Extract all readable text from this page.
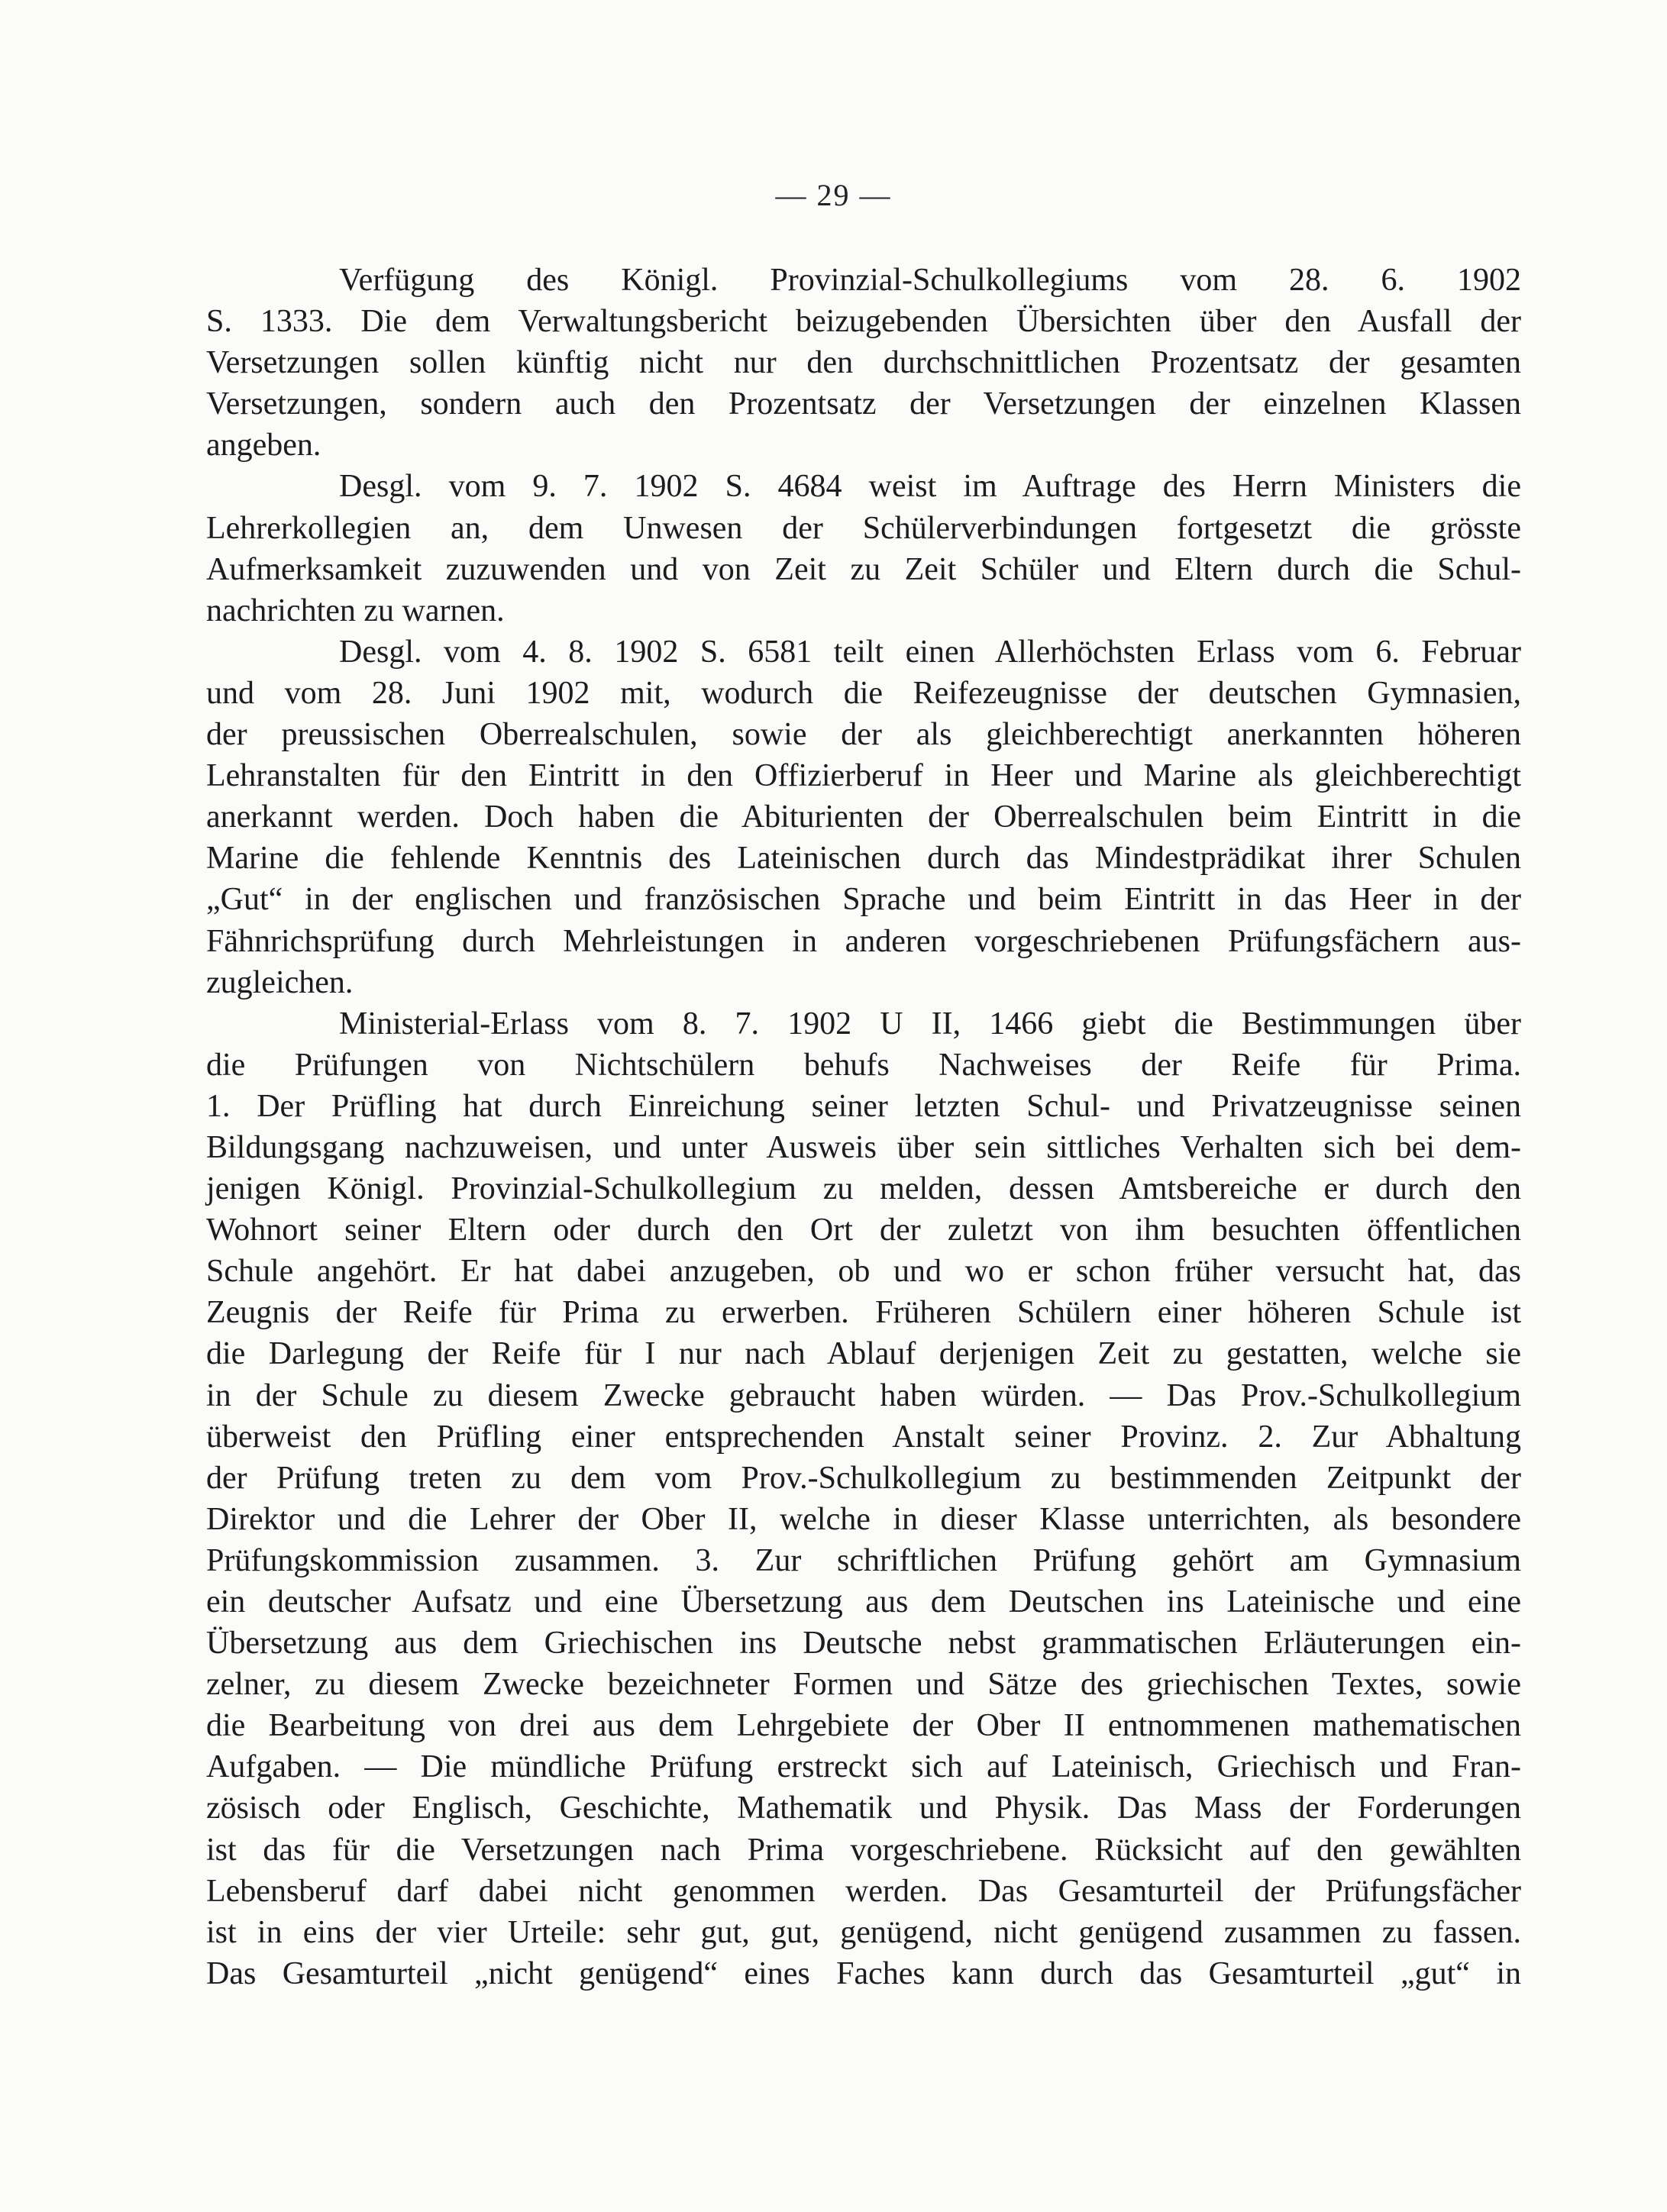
— 29 —
Verfügung des Königl. Provinzial-Schulkollegiums vom 28. 6. 1902
S. 1333. Die dem Verwaltungsbericht beizugebenden Übersichten über den Ausfall der
Versetzungen sollen künftig nicht nur den durchschnittlichen Prozentsatz der gesamten
Versetzungen, sondern auch den Prozentsatz der Versetzungen der einzelnen Klassen
angeben.
Desgl. vom 9. 7. 1902 S. 4684 weist im Auftrage des Herrn Ministers die
Lehrerkollegien an, dem Unwesen der Schülerverbindungen fortgesetzt die grösste
Aufmerksamkeit zuzuwenden und von Zeit zu Zeit Schüler und Eltern durch die Schul-
nachrichten zu warnen.
Desgl. vom 4. 8. 1902 S. 6581 teilt einen Allerhöchsten Erlass vom 6. Februar
und vom 28. Juni 1902 mit, wodurch die Reifezeugnisse der deutschen Gymnasien,
der preussischen Oberrealschulen, sowie der als gleichberechtigt anerkannten höheren
Lehranstalten für den Eintritt in den Offizierberuf in Heer und Marine als gleichberechtigt
anerkannt werden. Doch haben die Abiturienten der Oberrealschulen beim Eintritt in die
Marine die fehlende Kenntnis des Lateinischen durch das Mindestprädikat ihrer Schulen
„Gut“ in der englischen und französischen Sprache und beim Eintritt in das Heer in der
Fähnrichsprüfung durch Mehrleistungen in anderen vorgeschriebenen Prüfungsfächern aus-
zugleichen.
Ministerial-Erlass vom 8. 7. 1902 U II, 1466 giebt die Bestimmungen über
die Prüfungen von Nichtschülern behufs Nachweises der Reife für Prima.
1. Der Prüfling hat durch Einreichung seiner letzten Schul- und Privatzeugnisse seinen
Bildungsgang nachzuweisen, und unter Ausweis über sein sittliches Verhalten sich bei dem-
jenigen Königl. Provinzial-Schulkollegium zu melden, dessen Amtsbereiche er durch den
Wohnort seiner Eltern oder durch den Ort der zuletzt von ihm besuchten öffentlichen
Schule angehört. Er hat dabei anzugeben, ob und wo er schon früher versucht hat, das
Zeugnis der Reife für Prima zu erwerben. Früheren Schülern einer höheren Schule ist
die Darlegung der Reife für I nur nach Ablauf derjenigen Zeit zu gestatten, welche sie
in der Schule zu diesem Zwecke gebraucht haben würden. — Das Prov.-Schulkollegium
überweist den Prüfling einer entsprechenden Anstalt seiner Provinz. 2. Zur Abhaltung
der Prüfung treten zu dem vom Prov.-Schulkollegium zu bestimmenden Zeitpunkt der
Direktor und die Lehrer der Ober II, welche in dieser Klasse unterrichten, als besondere
Prüfungskommission zusammen. 3. Zur schriftlichen Prüfung gehört am Gymnasium
ein deutscher Aufsatz und eine Übersetzung aus dem Deutschen ins Lateinische und eine
Übersetzung aus dem Griechischen ins Deutsche nebst grammatischen Erläuterungen ein-
zelner, zu diesem Zwecke bezeichneter Formen und Sätze des griechischen Textes, sowie
die Bearbeitung von drei aus dem Lehrgebiete der Ober II entnommenen mathematischen
Aufgaben. — Die mündliche Prüfung erstreckt sich auf Lateinisch, Griechisch und Fran-
zösisch oder Englisch, Geschichte, Mathematik und Physik. Das Mass der Forderungen
ist das für die Versetzungen nach Prima vorgeschriebene. Rücksicht auf den gewählten
Lebensberuf darf dabei nicht genommen werden. Das Gesamturteil der Prüfungsfächer
ist in eins der vier Urteile: sehr gut, gut, genügend, nicht genügend zusammen zu fassen.
Das Gesamturteil „nicht genügend“ eines Faches kann durch das Gesamturteil „gut“ in
